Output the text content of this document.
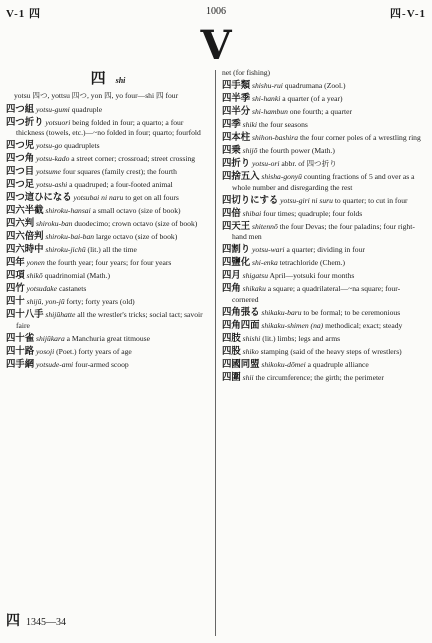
V-1 四	1006	四-V-1
V
四 shi
yotsu 四つ, yottsu 四つ, yon 四, yo four—shi 四 four
四つ組 yotsu-gumi quadruple
四つ折り yotsuori being folded in four; a quarto; a four thickness (towels, etc.)—~no folded in four; quarto; fourfold
四つ児 yotsu-go quadruplets
四つ角 yotsu-kado a street corner; crossroad; street crossing
四つ目 yotsume four squares (family crest); the fourth
四つ足 yotsu-ashi a quadruped; a four-footed animal
四つ這ひになる yotsubai ni naru to get on all fours
四六半截 shiroku-hansai a small octavo (size of book)
四六判 shiroku-ban duodecimo; crown octavo (size of book)
四六倍判 shiroku-bai-ban large octavo (size of book)
四六時中 shiroku-jichū (lit.) all the time
四年 yonen the fourth year; four years; for four years
四項 shikō quadrinomial (Math.)
四竹 yotsudake castanets
四十 shijū, yon-jū forty; forty years (old)
四十八手 shijūhatte all the wrestler's tricks; social tact; savoir faire
四十雀 shijūkara a Manchuria great titmouse
四十路 yosoji (Poet.) forty years of age
四手網 yotsude-ami four-armed scoop
net (for fishing)
四手類 shishu-rui quadrumana (Zool.)
四半季 shi-hanki a quarter (of a year)
四半分 shi-hambun one fourth; a quarter
四季 shiki the four seasons
四本柱 shihon-bashira the four corner poles of a wrestling ring
四乗 shijō the fourth power (Math.)
四折り yotsu-ori abbr. of 四つ折り
四捨五入 shisha-gonyū counting fractions of 5 and over as a whole number and disregarding the rest
四切りにする yotsu-giri ni suru to quarter; to cut in four
四倍 shibai four times; quadruple; four folds
四天王 shitennō the four Devas; the four paladins; four right-hand men
四割り yotsu-wari a quarter; dividing in four
四鹽化 shi-enka tetrachloride (Chem.)
四月 shigatsu April—yotsuki four months
四角 shikaku a square; a quadrilateral—~na square; four-cornered
四角張る shikaku-baru to be formal; to be ceremonious
四角四面 shikaku-shimen (na) methodical; exact; steady
四肢 shishi (lit.) limbs; legs and arms
四股 shiko stamping (said of the heavy steps of wrestlers)
四國同盟 shikoku-dōmei a quadruple alliance
四圍 shii the circumference; the girth; the perimeter
四 1345—34
